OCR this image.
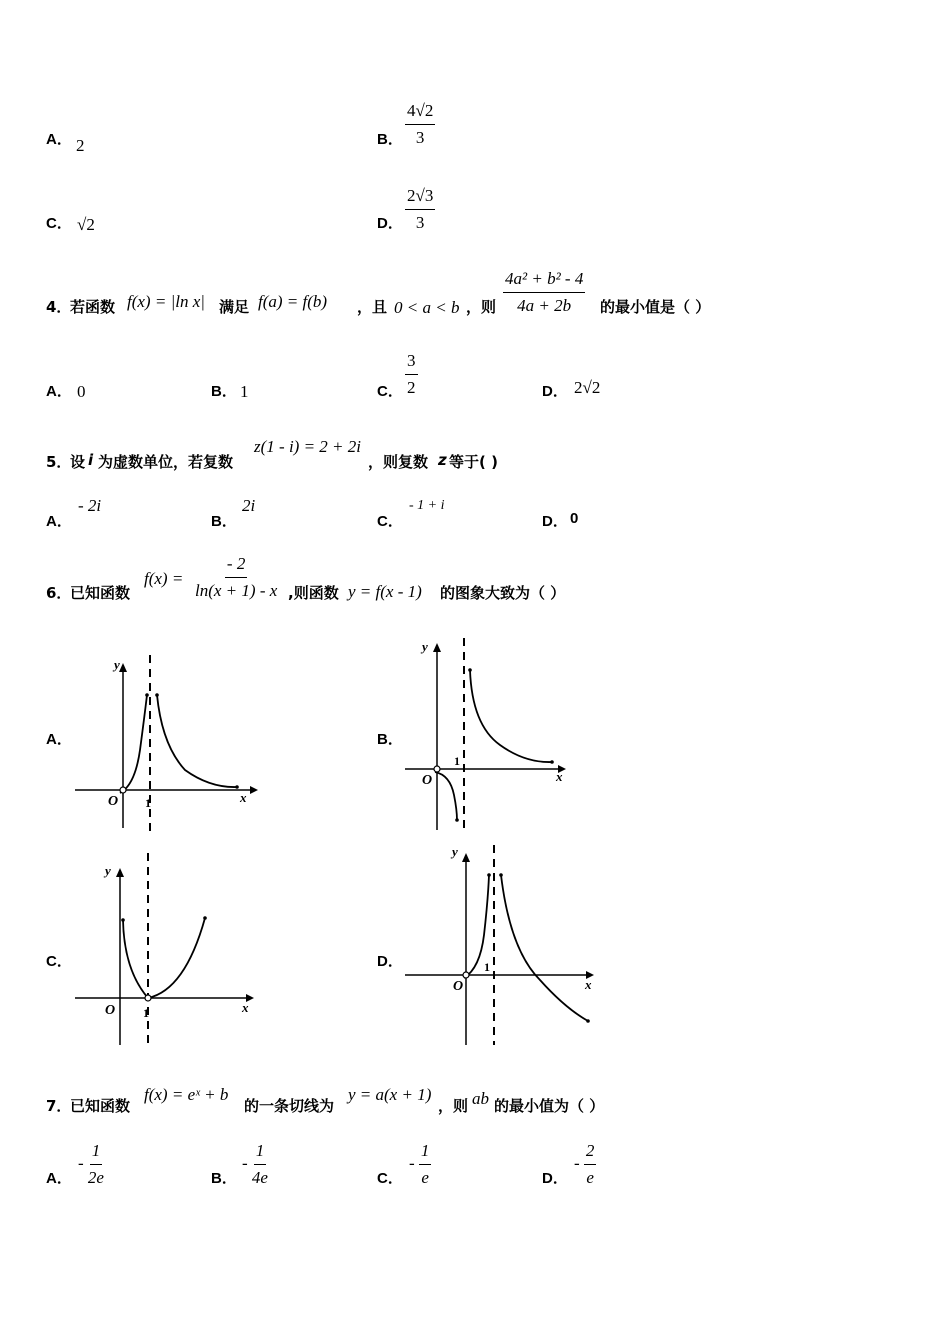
A． 2	B． $\frac{4√2}{3}$
C． √2	D． $\frac{2√3}{3}$
4．
若函数 f(x) = |ln x| 满足 f(a) = f(b) ，且 0 < a < b ，则 $\frac{\text{4a² + b² - 4}}{4a + 2b}$ 的最小值是（ ）
A． 0	B． 1	C． $\frac{3}{2}$	D． 2√2
5．
设 i 为虚数单位，若复数
z(1 - i) = 2 + 2i
，则复数 z 等于( )
A．
- 2i
B．
2i
C．
- 1 + i
D． 0
6．
已知函数
$f(x) = \frac{- 2}{\ln(x + 1) - x}$ ,则函数 y = f(x - 1) 的图象大致为（ ）
A．	B．
C．	D．
y
x
O 1
y
x
O
1
y
x
O 1
y
x
O
1
7．
已知函数
f(x) = eˣ + b
的一条切线为
y = a(x + 1)
，则 ab 的最小值为（ ）
A．
- $\frac{1}{2e}$	B．
- $\frac{1}{4e}$	C．
- $\frac{1}{e}$	D．
- $\frac{2}{e}$
